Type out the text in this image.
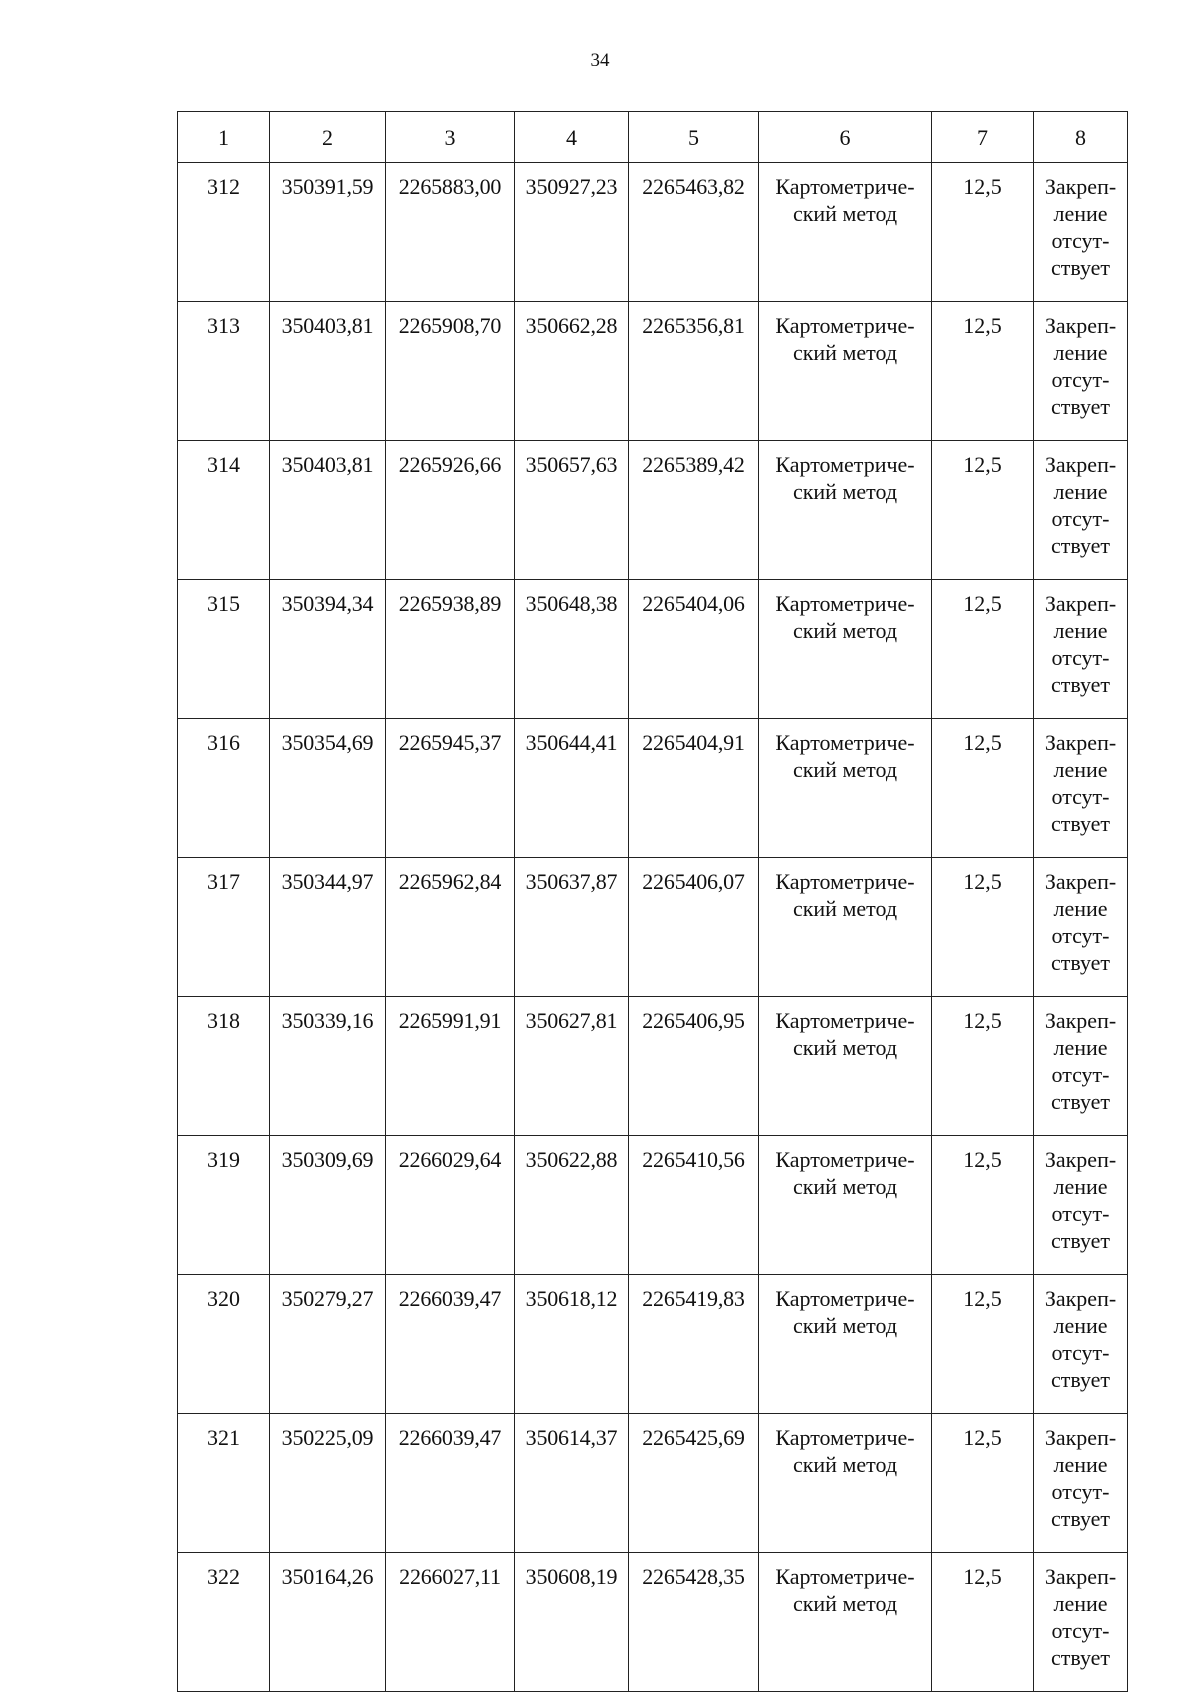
34
1	2	3	4	5	6	7	8
312	350391,59	2265883,00	350927,23	2265463,82	Картометриче-
ский метод	12,5	Закреп-
ление
отсут-
ствует

313	350403,81	2265908,70	350662,28	2265356,81	Картометриче-
ский метод	12,5	Закреп-
ление
отсут-
ствует

314	350403,81	2265926,66	350657,63	2265389,42	Картометриче-
ский метод	12,5	Закреп-
ление
отсут-
ствует

315	350394,34	2265938,89	350648,38	2265404,06	Картометриче-
ский метод	12,5	Закреп-
ление
отсут-
ствует

316	350354,69	2265945,37	350644,41	2265404,91	Картометриче-
ский метод	12,5	Закреп-
ление
отсут-
ствует

317	350344,97	2265962,84	350637,87	2265406,07	Картометриче-
ский метод	12,5	Закреп-
ление
отсут-
ствует

318	350339,16	2265991,91	350627,81	2265406,95	Картометриче-
ский метод	12,5	Закреп-
ление
отсут-
ствует

319	350309,69	2266029,64	350622,88	2265410,56	Картометриче-
ский метод	12,5	Закреп-
ление
отсут-
ствует

320	350279,27	2266039,47	350618,12	2265419,83	Картометриче-
ский метод	12,5	Закреп-
ление
отсут-
ствует

321	350225,09	2266039,47	350614,37	2265425,69	Картометриче-
ский метод	12,5	Закреп-
ление
отсут-
ствует

322	350164,26	2266027,11	350608,19	2265428,35	Картометриче-
ский метод	12,5	Закреп-
ление
отсут-
ствует
